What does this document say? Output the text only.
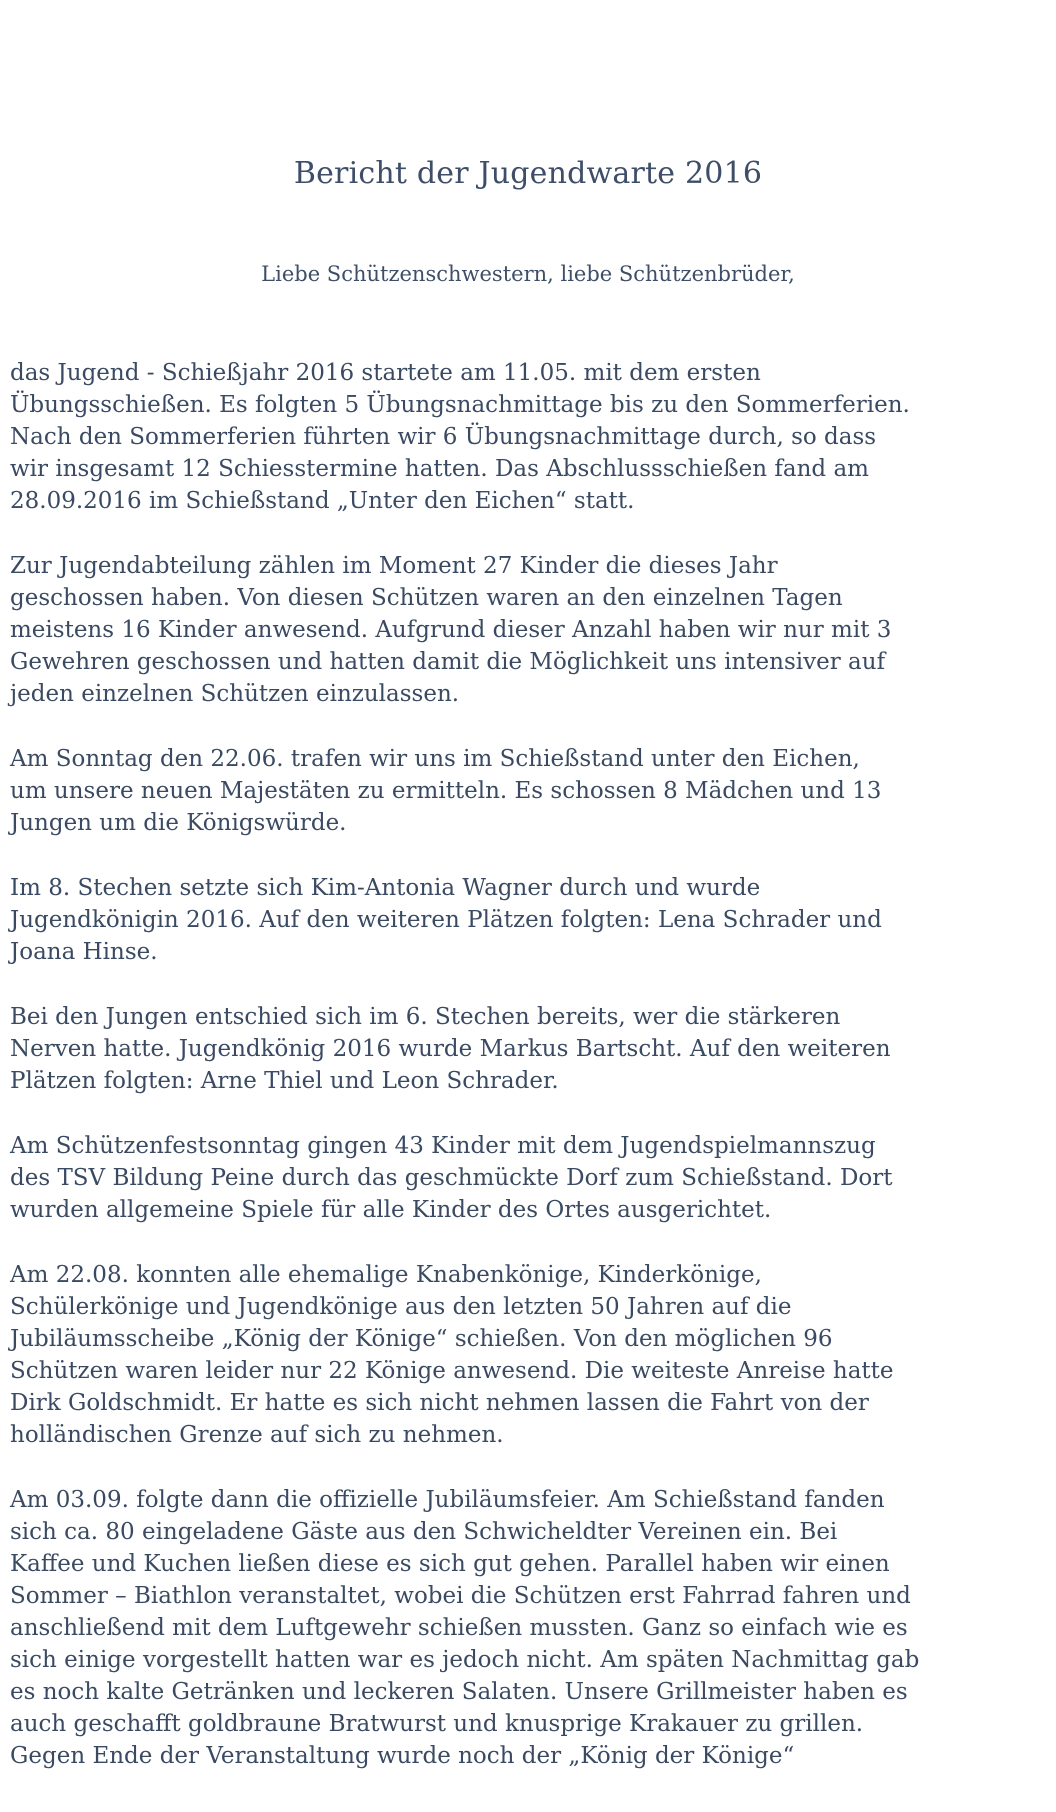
Bericht der Jugendwarte 2016
Liebe Schützenschwestern, liebe Schützenbrüder,

das Jugend - Schießjahr 2016 startete am 11.05. mit dem ersten
Übungsschießen. Es folgten 5 Übungsnachmittage bis zu den Sommerferien.
Nach den Sommerferien führten wir 6 Übungsnachmittage durch, so dass
wir insgesamt 12 Schiesstermine hatten. Das Abschlussschießen fand am
28.09.2016 im Schießstand „Unter den Eichen“ statt.

Zur Jugendabteilung zählen im Moment 27 Kinder die dieses Jahr
geschossen haben. Von diesen Schützen waren an den einzelnen Tagen
meistens 16 Kinder anwesend. Aufgrund dieser Anzahl haben wir nur mit 3
Gewehren geschossen und hatten damit die Möglichkeit uns intensiver auf
jeden einzelnen Schützen einzulassen.

Am Sonntag den 22.06. trafen wir uns im Schießstand unter den Eichen,
um unsere neuen Majestäten zu ermitteln. Es schossen 8 Mädchen und 13
Jungen um die Königswürde.

Im 8. Stechen setzte sich Kim-Antonia Wagner durch und wurde
Jugendkönigin 2016. Auf den weiteren Plätzen folgten: Lena Schrader und
Joana Hinse.

Bei den Jungen entschied sich im 6. Stechen bereits, wer die stärkeren
Nerven hatte. Jugendkönig 2016 wurde Markus Bartscht. Auf den weiteren
Plätzen folgten: Arne Thiel und Leon Schrader.

Am Schützenfestsonntag gingen 43 Kinder mit dem Jugendspielmannszug
des TSV Bildung Peine durch das geschmückte Dorf zum Schießstand. Dort
wurden allgemeine Spiele für alle Kinder des Ortes ausgerichtet.

Am 22.08. konnten alle ehemalige Knabenkönige, Kinderkönige,
Schülerkönige und Jugendkönige aus den letzten 50 Jahren auf die
Jubiläumsscheibe „König der Könige“ schießen. Von den möglichen 96
Schützen waren leider nur 22 Könige anwesend. Die weiteste Anreise hatte
Dirk Goldschmidt. Er hatte es sich nicht nehmen lassen die Fahrt von der
holländischen Grenze auf sich zu nehmen.

Am 03.09. folgte dann die offizielle Jubiläumsfeier. Am Schießstand fanden
sich ca. 80 eingeladene Gäste aus den Schwicheldter Vereinen ein. Bei
Kaffee und Kuchen ließen diese es sich gut gehen. Parallel haben wir einen
Sommer – Biathlon veranstaltet, wobei die Schützen erst Fahrrad fahren und
anschließend mit dem Luftgewehr schießen mussten. Ganz so einfach wie es
sich einige vorgestellt hatten war es jedoch nicht. Am späten Nachmittag gab
es noch kalte Getränken und leckeren Salaten. Unsere Grillmeister haben es
auch geschafft goldbraune Bratwurst und knusprige Krakauer zu grillen.
Gegen Ende der Veranstaltung wurde noch der „König der Könige“
